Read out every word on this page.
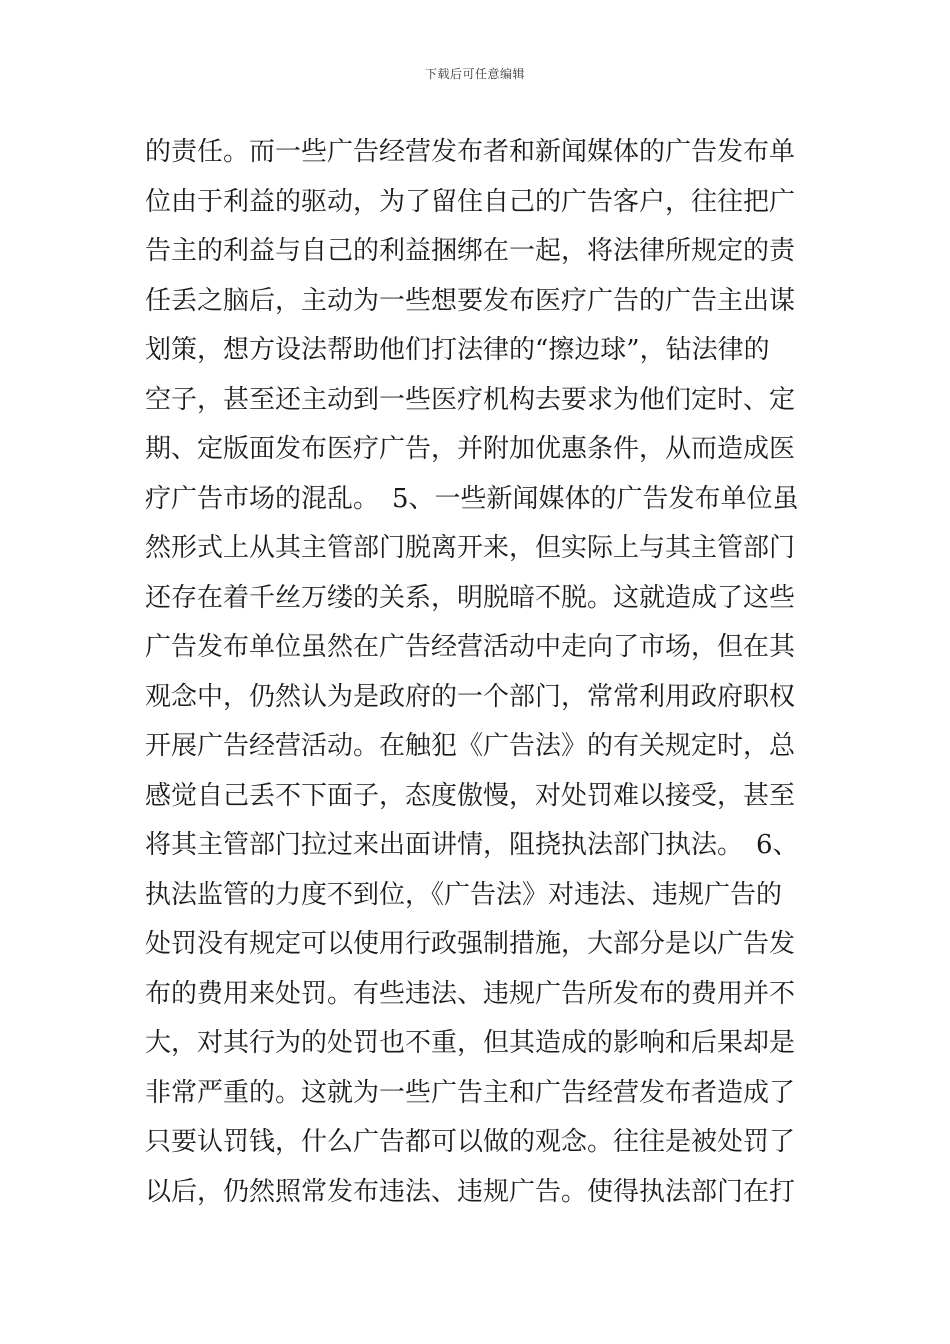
下载后可任意编辑
的责任。而一些广告经营发布者和新闻媒体的广告发布单
位由于利益的驱动，为了留住自己的广告客户，往往把广
告主的利益与自己的利益捆绑在一起，将法律所规定的责
任丢之脑后，主动为一些想要发布医疗广告的广告主出谋
划策，想方设法帮助他们打法律的“擦边球”，钻法律的
空子，甚至还主动到一些医疗机构去要求为他们定时、定
期、定版面发布医疗广告，并附加优惠条件，从而造成医
疗广告市场的混乱。　5、一些新闻媒体的广告发布单位虽
然形式上从其主管部门脱离开来，但实际上与其主管部门
还存在着千丝万缕的关系，明脱暗不脱。这就造成了这些
广告发布单位虽然在广告经营活动中走向了市场，但在其
观念中，仍然认为是政府的一个部门，常常利用政府职权
开展广告经营活动。在触犯《广告法》的有关规定时，总
感觉自己丢不下面子，态度傲慢，对处罚难以接受，甚至
将其主管部门拉过来出面讲情，阻挠执法部门执法。　6、
执法监管的力度不到位，《广告法》对违法、违规广告的
处罚没有规定可以使用行政强制措施，大部分是以广告发
布的费用来处罚。有些违法、违规广告所发布的费用并不
大，对其行为的处罚也不重，但其造成的影响和后果却是
非常严重的。这就为一些广告主和广告经营发布者造成了
只要认罚钱，什么广告都可以做的观念。往往是被处罚了
以后，仍然照常发布违法、违规广告。使得执法部门在打
